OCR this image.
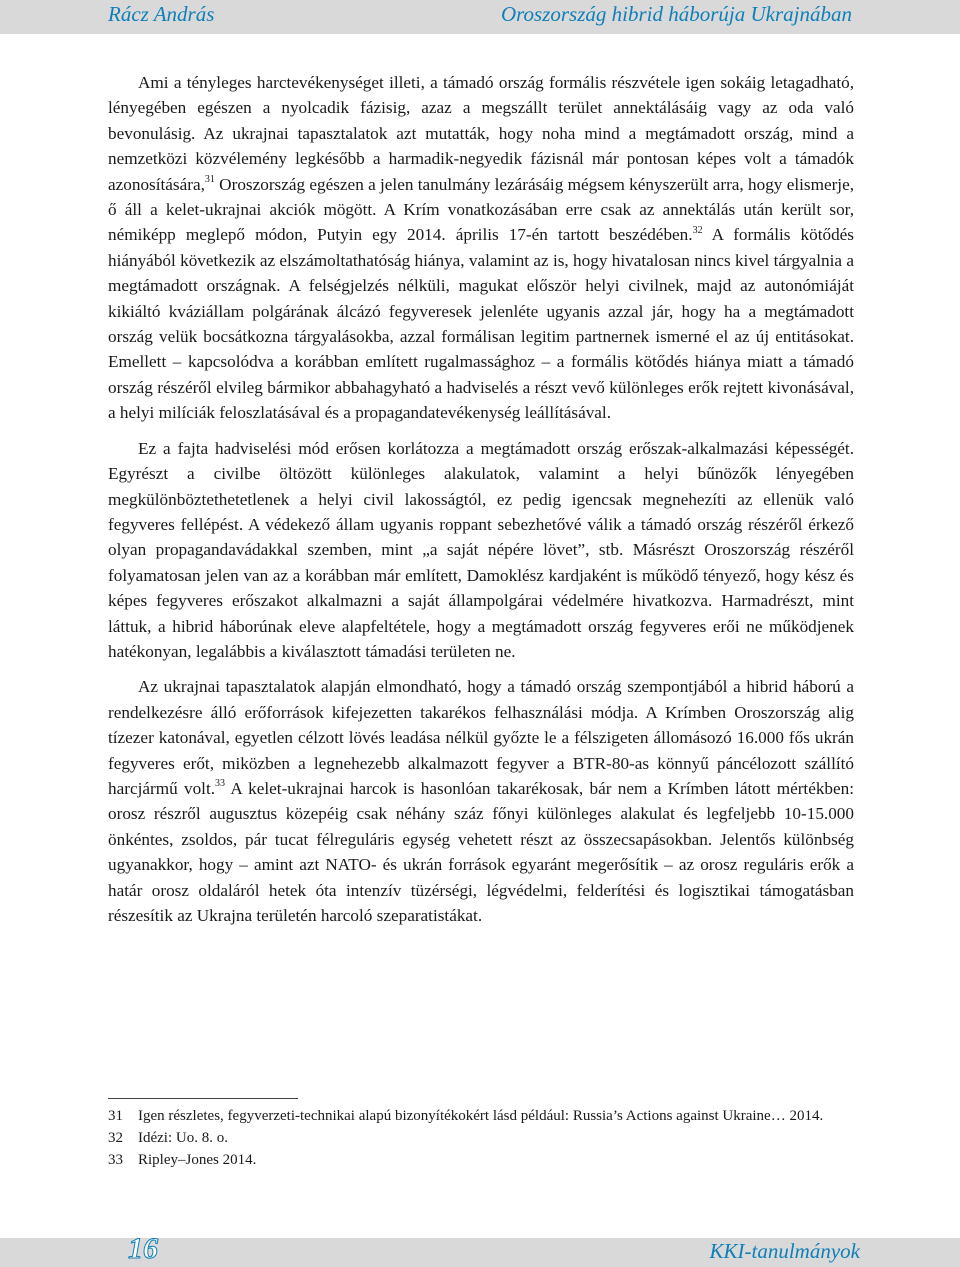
Rácz András	Oroszország hibrid háborúja Ukrajnában

Ami a tényleges harctevékenységet illeti, a támadó ország formális részvétele igen sokáig letagadható, lényegében egészen a nyolcadik fázisig, azaz a megszállt terület annektálásáig vagy az oda való bevonulásig. Az ukrajnai tapasztalatok azt mutatták, hogy noha mind a megtámadott ország, mind a nemzetközi közvélemény legkésőbb a harmadik-negyedik fázisnál már pontosan képes volt a támadók azonosítására,$^{31}$ Oroszország egészen a jelen tanulmány lezárásáig mégsem kényszerült arra, hogy elismerje, ő áll a kelet-ukrajnai akciók mögött. A Krím vonatkozásában erre csak az annektálás után került sor, némiképp meglepő módon, Putyin egy 2014. április 17-én tartott beszédében.$^{32}$ A formális kötődés hiányából következik az elszámoltathatóság hiánya, valamint az is, hogy hivatalosan nincs kivel tárgyalnia a megtámadott országnak. A felségjelzés nélküli, magukat először helyi civilnek, majd az autonómiáját kikiáltó kváziállam polgárának álcázó fegyveresek jelenléte ugyanis azzal jár, hogy ha a megtámadott ország velük bocsátkozna tárgyalásokba, azzal formálisan legitim partnernek ismerné el az új entitásokat. Emellett – kapcsolódva a korábban említett rugalmassághoz – a formális kötődés hiánya miatt a támadó ország részéről elvileg bármikor abbahagyható a hadviselés a részt vevő különleges erők rejtett kivonásával, a helyi milíciák feloszlatásával és a propagandatevékenység leállításával.

Ez a fajta hadviselési mód erősen korlátozza a megtámadott ország erőszak-alkalmazási képességét. Egyrészt a civilbe öltözött különleges alakulatok, valamint a helyi bűnözők lényegében megkülönböztethetetlenek a helyi civil lakosságtól, ez pedig igencsak megnehezíti az ellenük való fegyveres fellépést. A védekező állam ugyanis roppant sebezhetővé válik a támadó ország részéről érkező olyan propagandavádakkal szemben, mint „a saját népére lövet”, stb. Másrészt Oroszország részéről folyamatosan jelen van az a korábban már említett, Damoklész kardjaként is működő tényező, hogy kész és képes fegyveres erőszakot alkalmazni a saját állampolgárai védelmére hivatkozva. Harmadrészt, mint láttuk, a hibrid háborúnak eleve alapfeltétele, hogy a megtámadott ország fegyveres erői ne működjenek hatékonyan, legalábbis a kiválasztott támadási területen ne.

Az ukrajnai tapasztalatok alapján elmondható, hogy a támadó ország szempontjából a hibrid háború a rendelkezésre álló erőforrások kifejezetten takarékos felhasználási módja. A Krímben Oroszország alig tízezer katonával, egyetlen célzott lövés leadása nélkül győzte le a félszigeten állomásozó 16.000 fős ukrán fegyveres erőt, miközben a legnehezebb alkalmazott fegyver a BTR-80-as könnyű páncélozott szállító harcjármű volt.$^{33}$ A kelet-ukrajnai harcok is hasonlóan takarékosak, bár nem a Krímben látott mértékben: orosz részről augusztus közepéig csak néhány száz főnyi különleges alakulat és legfeljebb 10-15.000 önkéntes, zsoldos, pár tucat félreguláris egység vehetett részt az összecsapásokban. Jelentős különbség ugyanakkor, hogy – amint azt NATO- és ukrán források egyaránt megerősítik – az orosz reguláris erők a határ orosz oldaláról hetek óta intenzív tüzérségi, légvédelmi, felderítési és logisztikai támogatásban részesítik az Ukrajna területén harcoló szeparatistákat.

31	Igen részletes, fegyverzeti-technikai alapú bizonyítékokért lásd például: Russia’s Actions against Ukraine… 2014.
32	Idézi: Uo. 8. o.
33	Ripley–Jones 2014.
16	KKI-tanulmányok
